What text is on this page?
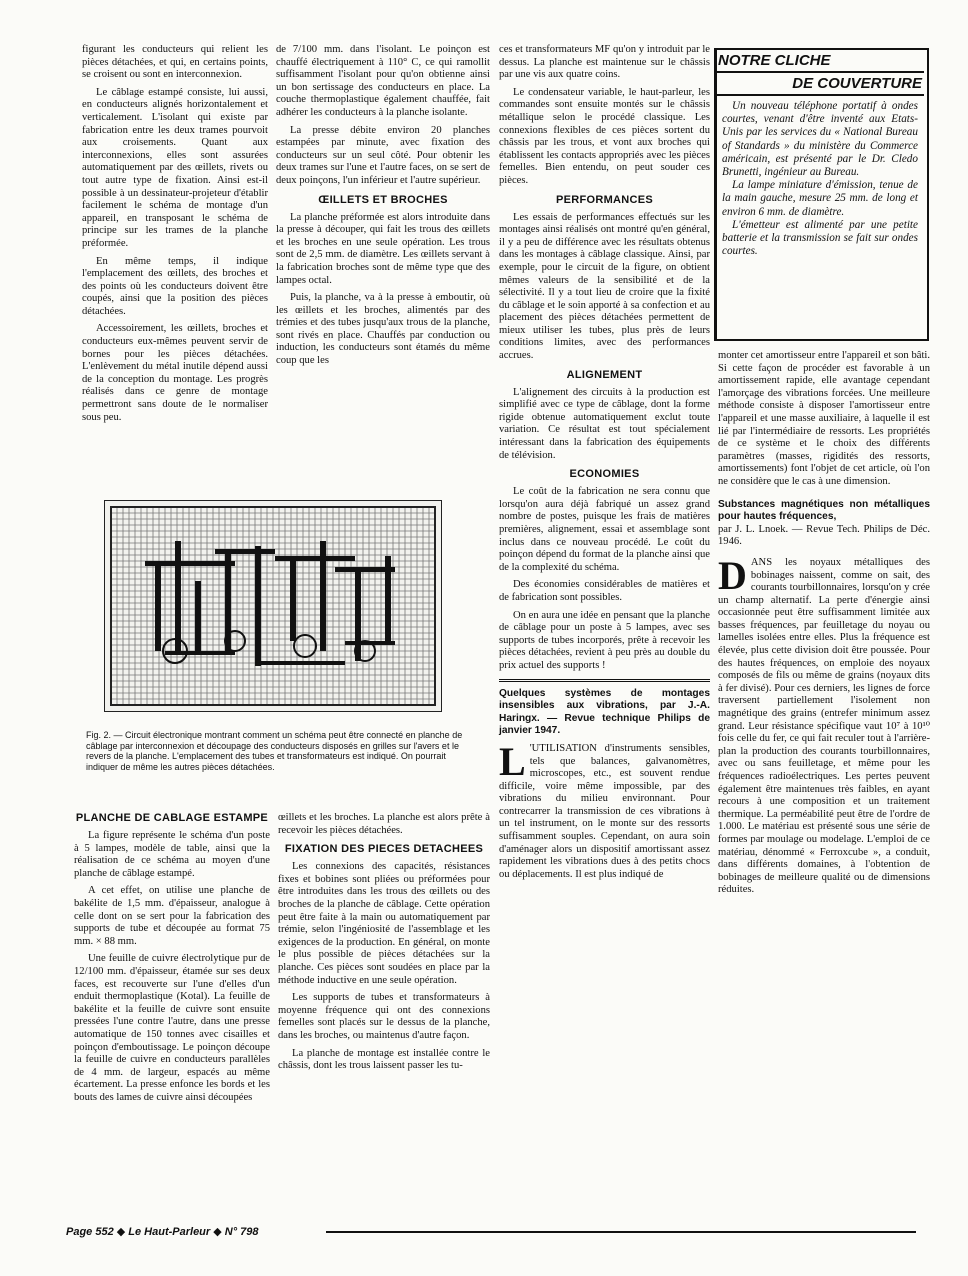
figurant les conducteurs qui relient les pièces détachées, et qui, en certains points, se croisent ou sont en interconnexion.

Le câblage estampé consiste, lui aussi, en conducteurs alignés horizontalement et verticalement. L'isolant qui existe par fabrication entre les deux trames pourvoit aux croisements. Quant aux interconnexions, elles sont assurées automatiquement par des œillets, rivets ou tout autre type de fixation. Ainsi est-il possible à un dessinateur-projeteur d'établir facilement le schéma de montage d'un appareil, en transposant le schéma de principe sur les trames de la planche préformée.

En même temps, il indique l'emplacement des œillets, des broches et des points où les conducteurs doivent être coupés, ainsi que la position des pièces détachées.

Accessoirement, les œillets, broches et conducteurs eux-mêmes peuvent servir de bornes pour les pièces détachées. L'enlèvement du métal inutile dépend aussi de la conception du montage. Les progrès réalisés dans ce genre de montage permettront sans doute de le normaliser sous peu.

de 7/100 mm. dans l'isolant. Le poinçon est chauffé électriquement à 110° C, ce qui ramollit suffisamment l'isolant pour qu'on obtienne ainsi un bon sertissage des conducteurs en place. La couche thermoplastique également chauffée, fait adhérer les conducteurs à la planche isolante.

La presse débite environ 20 planches estampées par minute, avec fixation des conducteurs sur un seul côté. Pour obtenir les deux trames sur l'une et l'autre faces, on se sert de deux poinçons, l'un inférieur et l'autre supérieur.

ŒILLETS ET BROCHES

La planche préformée est alors introduite dans la presse à découper, qui fait les trous des œillets et les broches en une seule opération. Les trous sont de 2,5 mm. de diamètre. Les œillets servant à la fabrication broches sont de même type que des lampes octal.

Puis, la planche, va à la presse à emboutir, où les œillets et les broches, alimentés par des trémies et des tubes jusqu'aux trous de la planche, sont rivés en place. Chauffés par conduction ou induction, les conducteurs sont étamés du même coup que les

ces et transformateurs MF qu'on y introduit par le dessus. La planche est maintenue sur le châssis par une vis aux quatre coins.

Le condensateur variable, le haut-parleur, les commandes sont ensuite montés sur le châssis métallique selon le procédé classique. Les connexions flexibles de ces pièces sortent du châssis par les trous, et vont aux broches qui établissent les contacts appropriés avec les pièces femelles. Bien entendu, on peut souder ces pièces.

PERFORMANCES

Les essais de performances effectués sur les montages ainsi réalisés ont montré qu'en général, il y a peu de différence avec les résultats obtenus dans les montages à câblage classique. Ainsi, par exemple, pour le circuit de la figure, on obtient mêmes valeurs de la sensibilité et de la sélectivité. Il y a tout lieu de croire que la fixité du câblage et le soin apporté à sa confection et au placement des pièces détachées permettent de mieux utiliser les tubes, plus près de leurs conditions limites, avec des performances accrues.

ALIGNEMENT

L'alignement des circuits à la production est simplifié avec ce type de câblage, dont la forme rigide obtenue automatiquement exclut toute variation. Ce résultat est tout spécialement intéressant dans la fabrication des équipements de télévision.

ECONOMIES

Le coût de la fabrication ne sera connu que lorsqu'on aura déjà fabriqué un assez grand nombre de postes, puisque les frais de matières premières, alignement, essai et assemblage sont inclus dans ce nouveau procédé. Le coût du poinçon dépend du format de la planche ainsi que de la complexité du schéma.

Des économies considérables de matières et de fabrication sont possibles.

On en aura une idée en pensant que la planche de câblage pour un poste à 5 lampes, avec ses supports de tubes incorporés, prête à recevoir les pièces détachées, revient à peu près au double du prix actuel des supports !

Quelques systèmes de montages insensibles aux vibrations, par J.-A. Haringx. — Revue technique Philips de janvier 1947.

L 'UTILISATION d'instruments sensibles, tels que balances, galvanomètres, microscopes, etc., est souvent rendue difficile, voire même impossible, par des vibrations du milieu environnant. Pour contrecarrer la transmission de ces vibrations à un tel instrument, on le monte sur des ressorts suffisamment souples. Cependant, on aura soin d'aménager alors un dispositif amortissant assez rapidement les vibrations dues à des petits chocs ou déplacements. Il est plus indiqué de

NOTRE CLICHE
DE COUVERTURE

Un nouveau téléphone portatif à ondes courtes, venant d'être inventé aux Etats-Unis par les services du « National Bureau of Standards » du ministère du Commerce américain, est présenté par le Dr. Cledo Brunetti, ingénieur au Bureau.

La lampe miniature d'émission, tenue de la main gauche, mesure 25 mm. de long et environ 6 mm. de diamètre.

L'émetteur est alimenté par une petite batterie et la transmission se fait sur ondes courtes.

monter cet amortisseur entre l'appareil et son bâti. Si cette façon de procéder est favorable à un amortissement rapide, elle avantage cependant l'amorçage des vibrations forcées. Une meilleure méthode consiste à disposer l'amortisseur entre l'appareil et une masse auxiliaire, à laquelle il est lié par l'intermédiaire de ressorts. Les propriétés de ce système et le choix des différents paramètres (masses, rigidités des ressorts, amortissements) font l'objet de cet article, où l'on ne considère que le cas à une dimension.

Substances magnétiques non métalliques pour hautes fréquences,

par J. L. Lnoek. — Revue Tech. Philips de Déc. 1946.

DANS les noyaux métalliques des bobinages naissent, comme on sait, des courants tourbillonnaires, lorsqu'on y crée un champ alternatif. La perte d'énergie ainsi occasionnée peut être suffisamment limitée aux basses fréquences, par feuilletage du noyau ou lamelles isolées entre elles. Plus la fréquence est élevée, plus cette division doit être poussée. Pour des hautes fréquences, on emploie des noyaux composés de fils ou même de grains (noyaux dits à fer divisé). Pour ces derniers, les lignes de force traversent partiellement l'isolement non magnétique des grains (entrefer minimum assez grand. Leur résistance spécifique vaut 10⁷ à 10¹⁰ fois celle du fer, ce qui fait reculer tout à l'arrière-plan la production des courants tourbillonnaires, avec ou sans feuilletage, et même pour les fréquences radioélectriques. Les pertes peuvent également être maintenues très faibles, en ayant recours à une composition et un traitement thermique. La perméabilité peut être de l'ordre de 1.000. Le matériau est présenté sous une série de formes par moulage ou modelage. L'emploi de ce matériau, dénommé « Ferroxcube », a conduit, dans différents domaines, à l'obtention de bobinages de meilleure qualité ou de dimensions réduites.

Fig. 2. — Circuit électronique montrant comment un schéma peut être connecté en planche de câblage par interconnexion et découpage des conducteurs disposés en grilles sur l'avers et le revers de la planche. L'emplacement des tubes et transformateurs est indiqué. On pourrait indiquer de même les autres pièces détachées.
PLANCHE DE CABLAGE ESTAMPE

La figure représente le schéma d'un poste à 5 lampes, modèle de table, ainsi que la réalisation de ce schéma au moyen d'une planche de câblage estampé.

A cet effet, on utilise une planche de bakélite de 1,5 mm. d'épaisseur, analogue à celle dont on se sert pour la fabrication des supports de tube et découpée au format 75 mm. × 88 mm.

Une feuille de cuivre électrolytique pur de 12/100 mm. d'épaisseur, étamée sur ses deux faces, est recouverte sur l'une d'elles d'un enduit thermoplastique (Kotal). La feuille de bakélite et la feuille de cuivre sont ensuite pressées l'une contre l'autre, dans une presse automatique de 150 tonnes avec cisailles et poinçon d'emboutissage. Le poinçon découpe la feuille de cuivre en conducteurs parallèles de 4 mm. de largeur, espacés au même écartement. La presse enfonce les bords et les bouts des lames de cuivre ainsi découpées

œillets et les broches. La planche est alors prête à recevoir les pièces détachées.

FIXATION DES PIECES DETACHEES

Les connexions des capacités, résistances fixes et bobines sont pliées ou préformées pour être introduites dans les trous des œillets ou des broches de la planche de câblage. Cette opération peut être faite à la main ou automatiquement par trémie, selon l'ingéniosité de l'assemblage et les exigences de la production. En général, on monte le plus possible de pièces détachées sur la planche. Ces pièces sont soudées en place par la méthode inductive en une seule opération.

Les supports de tubes et transformateurs à moyenne fréquence qui ont des connexions femelles sont placés sur le dessus de la planche, dans les broches, ou maintenus d'autre façon.

La planche de montage est installée contre le châssis, dont les trous laissent passer les tu-

Page 552 ◆ Le Haut-Parleur ◆ N° 798
